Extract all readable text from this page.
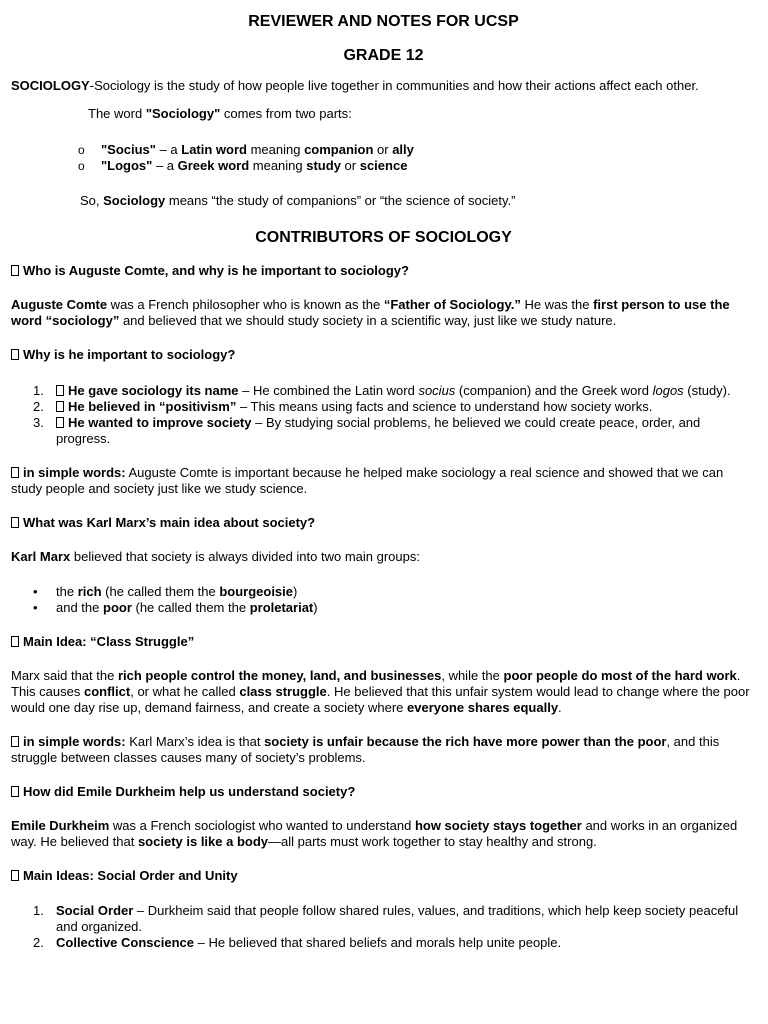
REVIEWER AND NOTES FOR UCSP
GRADE 12

SOCIOLOGY-Sociology is the study of how people live together in communities and how their actions affect each other.

The word "Sociology" comes from two parts:

o "Socius" – a Latin word meaning companion or ally
o "Logos" – a Greek word meaning study or science

So, Sociology means “the study of companions” or “the science of society.”

CONTRIBUTORS OF SOCIOLOGY

Who is Auguste Comte, and why is he important to sociology?

Auguste Comte was a French philosopher who is known as the “Father of Sociology.” He was the first person to use the word “sociology” and believed that we should study society in a scientific way, just like we study nature.

Why is he important to sociology?

1. He gave sociology its name – He combined the Latin word socius (companion) and the Greek word logos (study).
2. He believed in “positivism” – This means using facts and science to understand how society works.
3. He wanted to improve society – By studying social problems, he believed we could create peace, order, and progress.

in simple words: Auguste Comte is important because he helped make sociology a real science and showed that we can study people and society just like we study science.

What was Karl Marx’s main idea about society?

Karl Marx believed that society is always divided into two main groups:

• the rich (he called them the bourgeoisie)
• and the poor (he called them the proletariat)

Main Idea: “Class Struggle”

Marx said that the rich people control the money, land, and businesses, while the poor people do most of the hard work. This causes conflict, or what he called class struggle. He believed that this unfair system would lead to change where the poor would one day rise up, demand fairness, and create a society where everyone shares equally.

in simple words: Karl Marx’s idea is that society is unfair because the rich have more power than the poor, and this struggle between classes causes many of society’s problems.

How did Emile Durkheim help us understand society?

Emile Durkheim was a French sociologist who wanted to understand how society stays together and works in an organized way. He believed that society is like a body—all parts must work together to stay healthy and strong.

Main Ideas: Social Order and Unity

1. Social Order – Durkheim said that people follow shared rules, values, and traditions, which help keep society peaceful and organized.
2. Collective Conscience – He believed that shared beliefs and morals help unite people.
